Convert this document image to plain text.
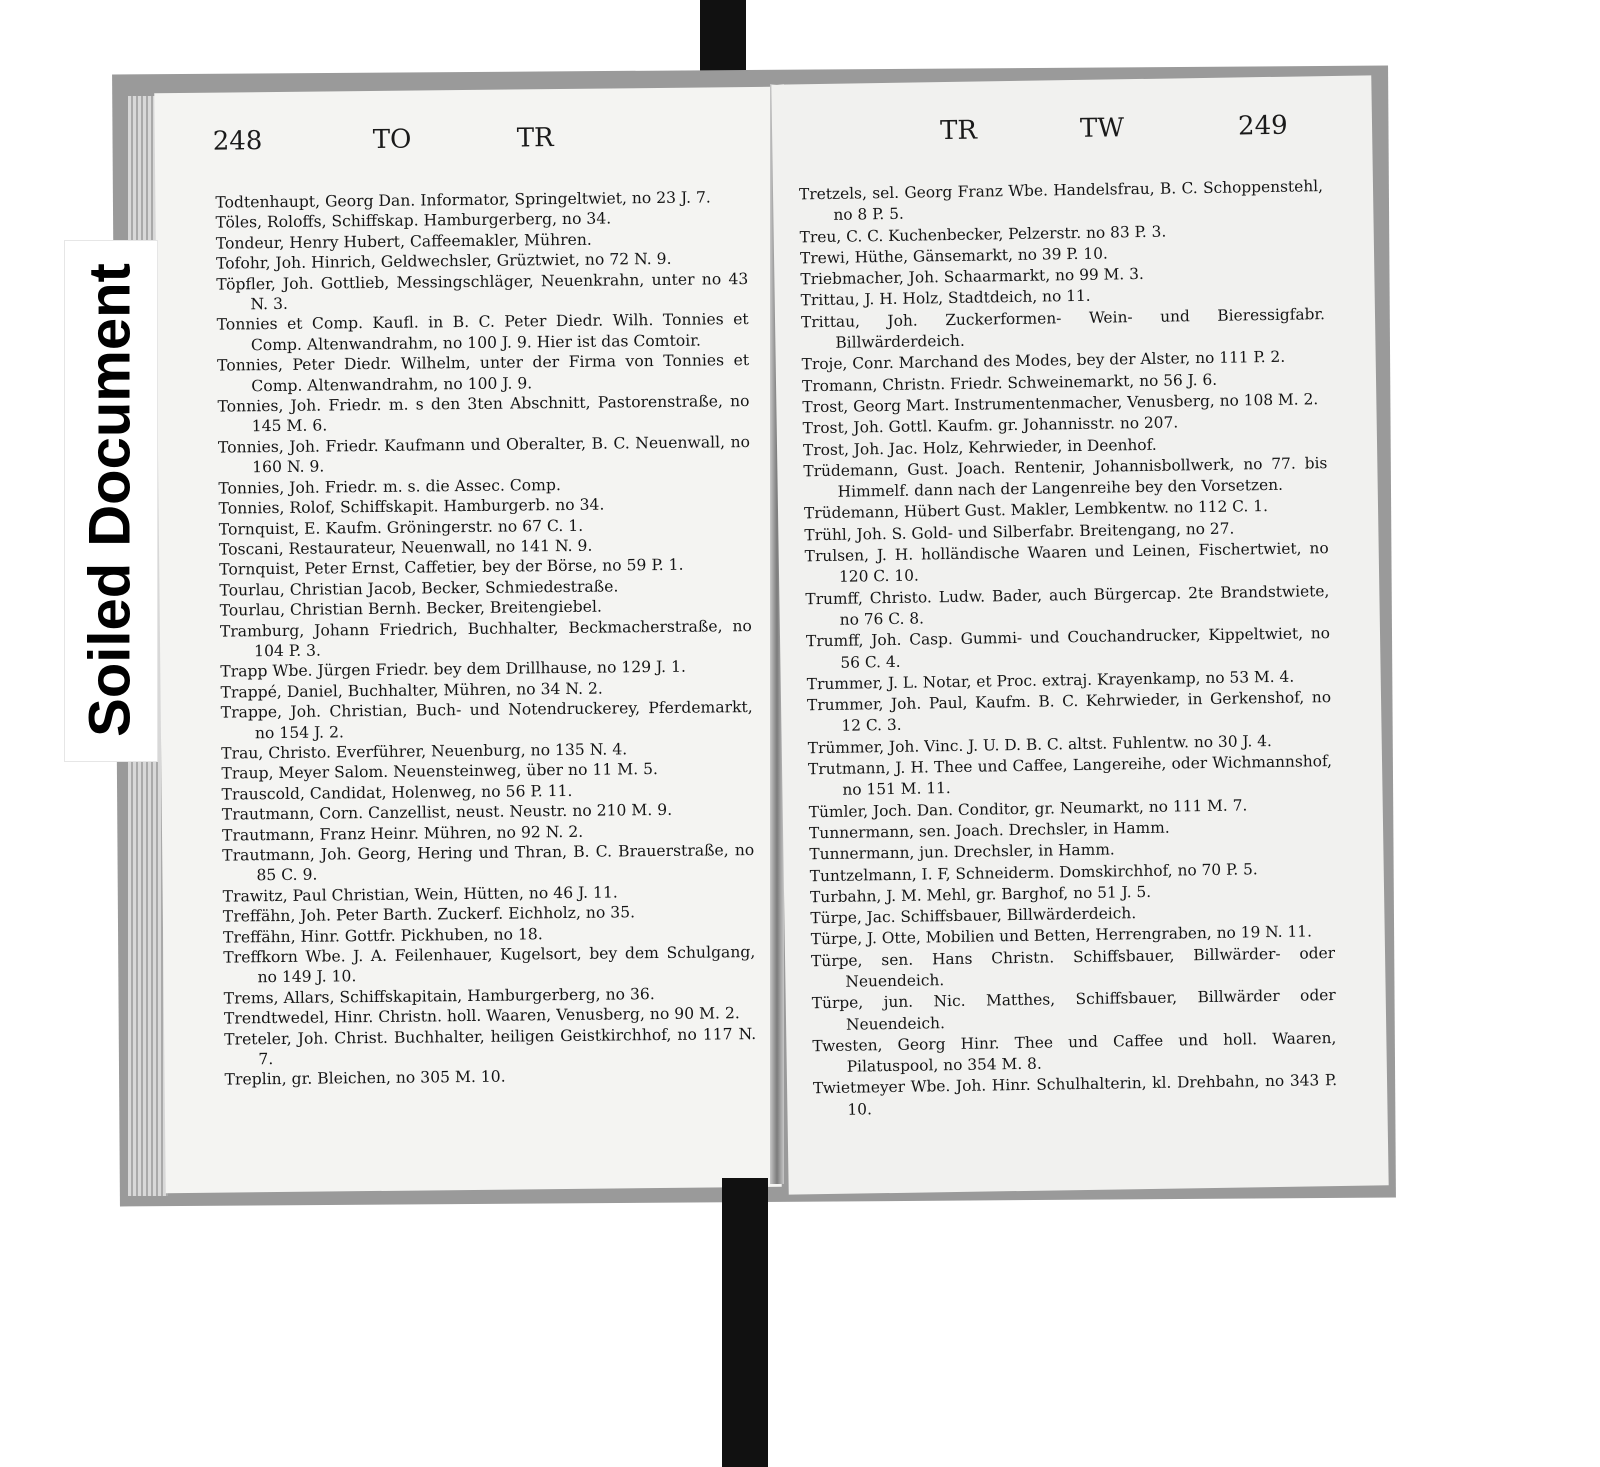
248	TO	TR
Todtenhaupt, Georg Dan. Informator, Springeltwiet, no 23 J. 7.
Töles, Roloffs, Schiffskap. Hamburgerberg, no 34.
Tondeur, Henry Hubert, Caffeemakler, Mühren.
Tofohr, Joh. Hinrich, Geldwechsler, Grüztwiet, no 72 N. 9.
Töpfler, Joh. Gottlieb, Messingschläger, Neuenkrahn, unter no 43 N. 3.
Tonnies et Comp. Kaufl. in B. C. Peter Diedr. Wilh. Tonnies et Comp. Altenwandrahm, no 100 J. 9. Hier ist das Comtoir.
Tonnies, Peter Diedr. Wilhelm, unter der Firma von Tonnies et Comp. Altenwandrahm, no 100 J. 9.
Tonnies, Joh. Friedr. m. s den 3ten Abschnitt, Pastorenstraße, no 145 M. 6.
Tonnies, Joh. Friedr. Kaufmann und Oberalter, B. C. Neuenwall, no 160 N. 9.
Tonnies, Joh. Friedr. m. s. die Assec. Comp.
Tonnies, Rolof, Schiffskapit. Hamburgerb. no 34.
Tornquist, E. Kaufm. Gröningerstr. no 67 C. 1.
Toscani, Restaurateur, Neuenwall, no 141 N. 9.
Tornquist, Peter Ernst, Caffetier, bey der Börse, no 59 P. 1.
Tourlau, Christian Jacob, Becker, Schmiedestraße.
Tourlau, Christian Bernh. Becker, Breitengiebel.
Tramburg, Johann Friedrich, Buchhalter, Beckmacherstraße, no 104 P. 3.
Trapp Wbe. Jürgen Friedr. bey dem Drillhause, no 129 J. 1.
Trappé, Daniel, Buchhalter, Mühren, no 34 N. 2.
Trappe, Joh. Christian, Buch- und Notendruckerey, Pferdemarkt, no 154 J. 2.
Trau, Christo. Everführer, Neuenburg, no 135 N. 4.
Traup, Meyer Salom. Neuensteinweg, über no 11 M. 5.
Trauscold, Candidat, Holenweg, no 56 P. 11.
Trautmann, Corn. Canzellist, neust. Neustr. no 210 M. 9.
Trautmann, Franz Heinr. Mühren, no 92 N. 2.
Trautmann, Joh. Georg, Hering und Thran, B. C. Brauerstraße, no 85 C. 9.
Trawitz, Paul Christian, Wein, Hütten, no 46 J. 11.
Treffähn, Joh. Peter Barth. Zuckerf. Eichholz, no 35.
Treffähn, Hinr. Gottfr. Pickhuben, no 18.
Treffkorn Wbe. J. A. Feilenhauer, Kugelsort, bey dem Schulgang, no 149 J. 10.
Trems, Allars, Schiffskapitain, Hamburgerberg, no 36.
Trendtwedel, Hinr. Christn. holl. Waaren, Venusberg, no 90 M. 2.
Treteler, Joh. Christ. Buchhalter, heiligen Geistkirchhof, no 117 N. 7.
Treplin, gr. Bleichen, no 305 M. 10.
TR	TW	249
Tretzels, sel. Georg Franz Wbe. Handelsfrau, B. C. Schoppenstehl, no 8 P. 5.
Treu, C. C. Kuchenbecker, Pelzerstr. no 83 P. 3.
Trewi, Hüthe, Gänsemarkt, no 39 P. 10.
Triebmacher, Joh. Schaarmarkt, no 99 M. 3.
Trittau, J. H. Holz, Stadtdeich, no 11.
Trittau, Joh. Zuckerformen- Wein- und Bieressigfabr. Billwärderdeich.
Troje, Conr. Marchand des Modes, bey der Alster, no 111 P. 2.
Tromann, Christn. Friedr. Schweinemarkt, no 56 J. 6.
Trost, Georg Mart. Instrumentenmacher, Venusberg, no 108 M. 2.
Trost, Joh. Gottl. Kaufm. gr. Johannisstr. no 207.
Trost, Joh. Jac. Holz, Kehrwieder, in Deenhof.
Trüdemann, Gust. Joach. Rentenir, Johannisbollwerk, no 77. bis Himmelf. dann nach der Langenreihe bey den Vorsetzen.
Trüdemann, Hübert Gust. Makler, Lembkentw. no 112 C. 1.
Trühl, Joh. S. Gold- und Silberfabr. Breitengang, no 27.
Trulsen, J. H. holländische Waaren und Leinen, Fischertwiet, no 120 C. 10.
Trumff, Christo. Ludw. Bader, auch Bürgercap. 2te Brandstwiete, no 76 C. 8.
Trumff, Joh. Casp. Gummi- und Couchandrucker, Kippeltwiet, no 56 C. 4.
Trummer, J. L. Notar, et Proc. extraj. Krayenkamp, no 53 M. 4.
Trummer, Joh. Paul, Kaufm. B. C. Kehrwieder, in Gerkenshof, no 12 C. 3.
Trümmer, Joh. Vinc. J. U. D. B. C. altst. Fuhlentw. no 30 J. 4.
Trutmann, J. H. Thee und Caffee, Langereihe, oder Wichmannshof, no 151 M. 11.
Tümler, Joch. Dan. Conditor, gr. Neumarkt, no 111 M. 7.
Tunnermann, sen. Joach. Drechsler, in Hamm.
Tunnermann, jun. Drechsler, in Hamm.
Tuntzelmann, I. F, Schneiderm. Domskirchhof, no 70 P. 5.
Turbahn, J. M. Mehl, gr. Barghof, no 51 J. 5.
Türpe, Jac. Schiffsbauer, Billwärderdeich.
Türpe, J. Otte, Mobilien und Betten, Herrengraben, no 19 N. 11.
Türpe, sen. Hans Christn. Schiffsbauer, Billwärder- oder Neuendeich.
Türpe, jun. Nic. Matthes, Schiffsbauer, Billwärder oder Neuendeich.
Twesten, Georg Hinr. Thee und Caffee und holl. Waaren, Pilatuspool, no 354 M. 8.
Twietmeyer Wbe. Joh. Hinr. Schulhalterin, kl. Drehbahn, no 343 P. 10.
Soiled Document
